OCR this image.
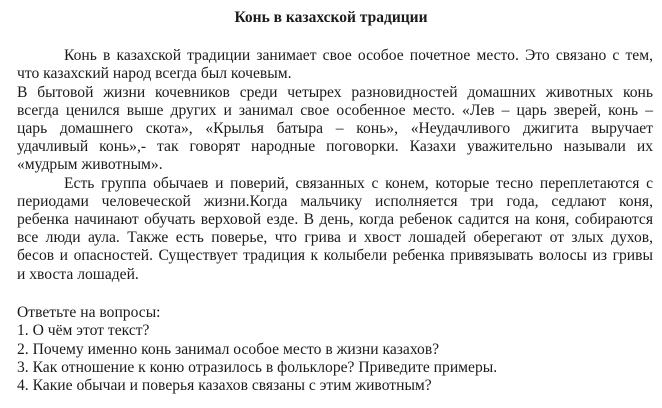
Конь в казахской традиции

Конь в казахской традиции занимает свое особое почетное место. Это связано с тем,

что казахский народ всегда был кочевым.

В бытовой жизни кочевников среди четырех разновидностей домашних животных конь

всегда ценился выше других и занимал свое особенное место. «Лев – царь зверей, конь –

царь домашнего скота», «Крылья батыра – конь», «Неудачливого джигита выручает

удачливый конь»,- так говорят народные поговорки. Казахи уважительно называли их

«мудрым животным».

Есть группа обычаев и поверий, связанных с конем, которые тесно переплетаются с

периодами человеческой жизни.Когда мальчику исполняется три года, седлают коня,

ребенка начинают обучать верховой езде. В день, когда ребенок садится на коня, собираются

все люди аула. Также есть поверье, что грива и хвост лошадей оберегают от злых духов,

бесов и опасностей. Существует традиция к колыбели ребенка привязывать волосы из гривы

и хвоста лошадей.

Ответьте на вопросы:

1. О чём этот текст?

2. Почему именно конь занимал особое место в жизни казахов?

3. Как отношение к коню отразилось в фольклоре? Приведите примеры.

4. Какие обычаи и поверья казахов связаны с этим животным?
